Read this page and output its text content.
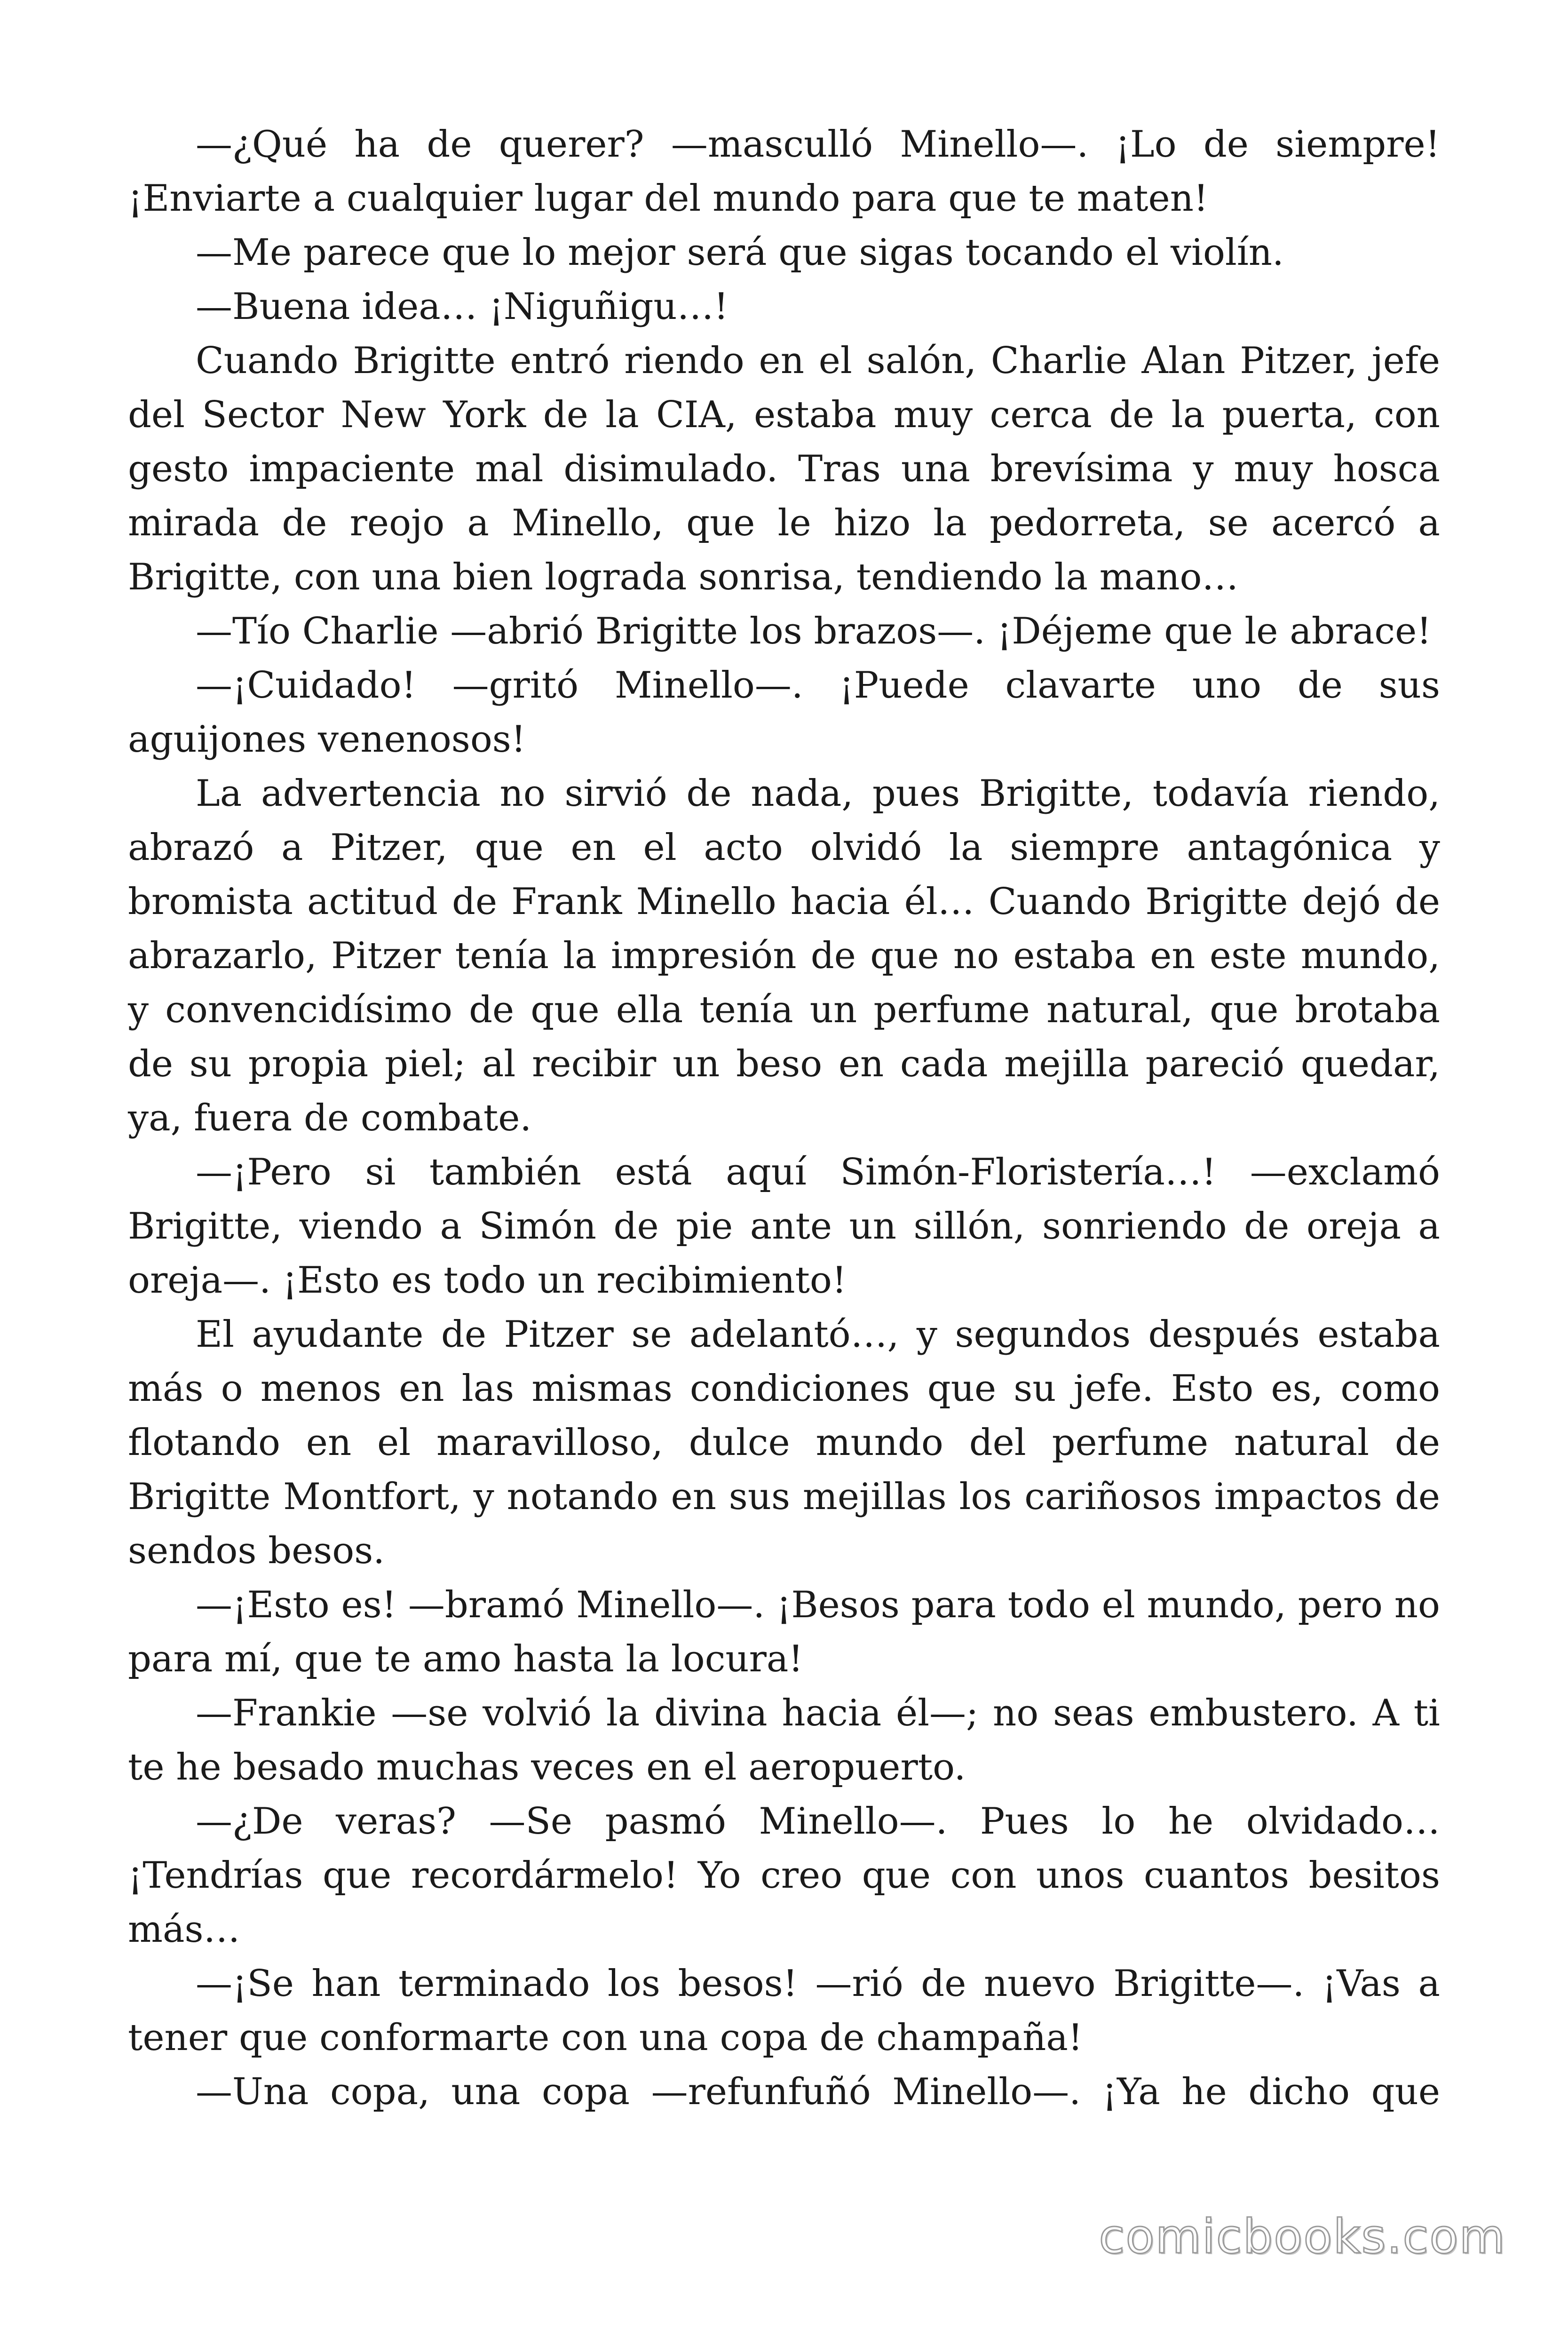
—¿Qué ha de querer? —masculló Minello—. ¡Lo de siempre! ¡Enviarte a cualquier lugar del mundo para que te maten!

—Me parece que lo mejor será que sigas tocando el violín.

—Buena idea… ¡Niguñigu…!

Cuando Brigitte entró riendo en el salón, Charlie Alan Pitzer, jefe del Sector New York de la CIA, estaba muy cerca de la puerta, con gesto impaciente mal disimulado. Tras una brevísima y muy hosca mirada de reojo a Minello, que le hizo la pedorreta, se acercó a Brigitte, con una bien lograda sonrisa, tendiendo la mano…

—Tío Charlie —abrió Brigitte los brazos—. ¡Déjeme que le abrace!

—¡Cuidado! —gritó Minello—. ¡Puede clavarte uno de sus aguijones venenosos!

La advertencia no sirvió de nada, pues Brigitte, todavía riendo, abrazó a Pitzer, que en el acto olvidó la siempre antagónica y bromista actitud de Frank Minello hacia él… Cuando Brigitte dejó de abrazarlo, Pitzer tenía la impresión de que no estaba en este mundo, y convencidísimo de que ella tenía un perfume natural, que brotaba de su propia piel; al recibir un beso en cada mejilla pareció quedar, ya, fuera de combate.

—¡Pero si también está aquí Simón-Floristería…! —exclamó Brigitte, viendo a Simón de pie ante un sillón, sonriendo de oreja a oreja—. ¡Esto es todo un recibimiento!

El ayudante de Pitzer se adelantó…, y segundos después estaba más o menos en las mismas condiciones que su jefe. Esto es, como flotando en el maravilloso, dulce mundo del perfume natural de Brigitte Montfort, y notando en sus mejillas los cariñosos impactos de sendos besos.

—¡Esto es! —bramó Minello—. ¡Besos para todo el mundo, pero no para mí, que te amo hasta la locura!

—Frankie —se volvió la divina hacia él—; no seas embustero. A ti te he besado muchas veces en el aeropuerto.

—¿De veras? —Se pasmó Minello—. Pues lo he olvidado… ¡Tendrías que recordármelo! Yo creo que con unos cuantos besitos más…

—¡Se han terminado los besos! —rió de nuevo Brigitte—. ¡Vas a tener que conformarte con una copa de champaña!

—Una copa, una copa —refunfuñó Minello—. ¡Ya he dicho que

comicbooks.com
